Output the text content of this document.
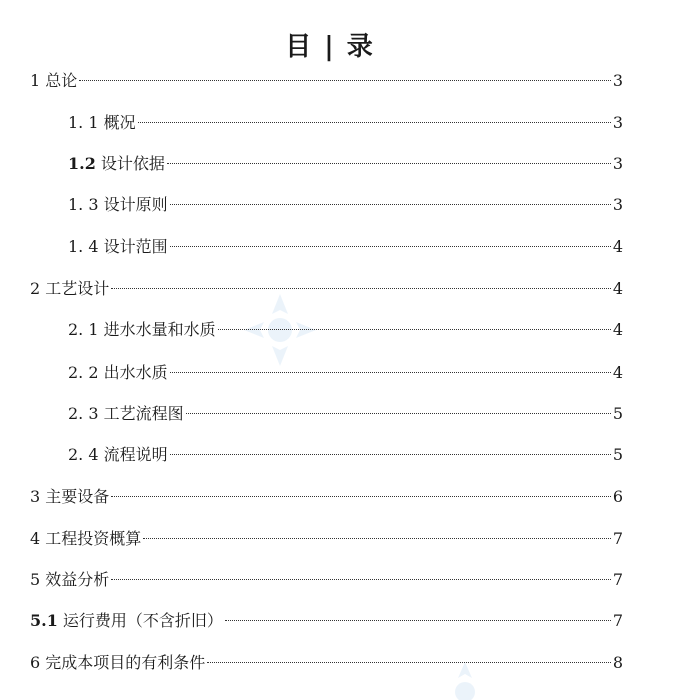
目 | 录
1 总论	3
1. 1 概况	3
1.2 设计依据	3
1. 3 设计原则	3
1. 4 设计范围	4
2 工艺设计	4
2. 1 进水水量和水质	4
2. 2 出水水质	4
2. 3 工艺流程图	5
2. 4 流程说明	5
3 主要设备	6
4 工程投资概算	7
5 效益分析	7
5.1 运行费用（不含折旧）	7
6 完成本项目的有利条件	8
